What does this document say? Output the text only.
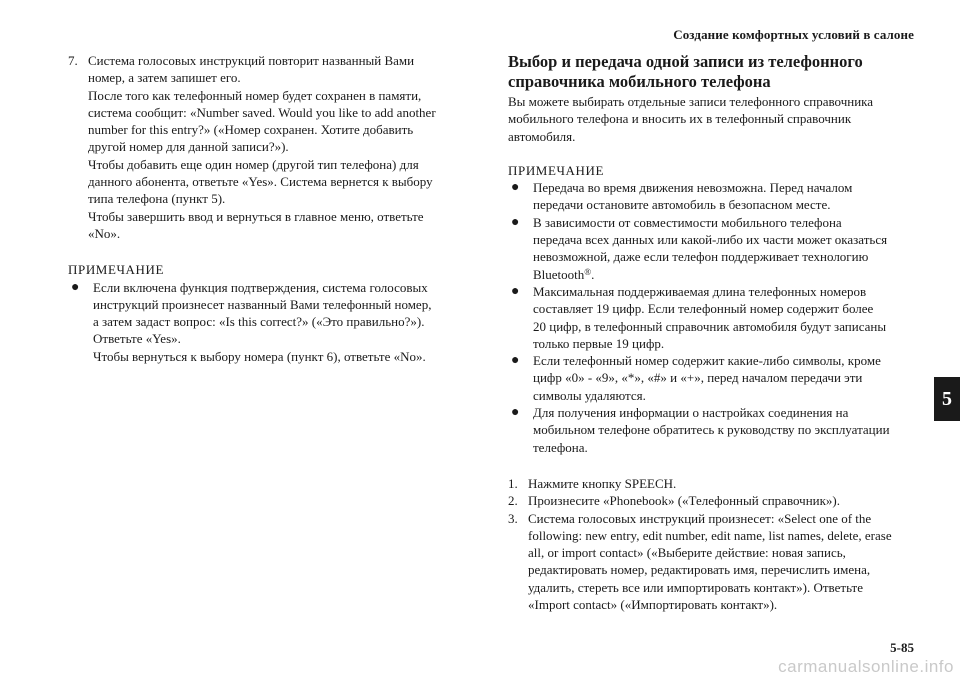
Создание комфортных условий в салоне
7. Система голосовых инструкций повторит названный Вами

номер, а затем запишет его.

После того как телефонный номер будет сохранен в памяти,

система сообщит: «Number saved. Would you like to add another

number for this entry?» («Номер сохранен. Хотите добавить

другой номер для данной записи?»).

Чтобы добавить еще один номер (другой тип телефона) для

данного абонента, ответьте «Yes». Система вернется к выбору

типа телефона (пункт 5).

Чтобы завершить ввод и вернуться в главное меню, ответьте

«No».

ПРИМЕЧАНИЕ
●	Если включена функция подтверждения, система голосовых

инструкций произнесет названный Вами телефонный номер,

а затем задаст вопрос: «Is this correct?» («Это правильно?»).

Ответьте «Yes».

Чтобы вернуться к выбору номера (пункт 6), ответьте «No».

Выбор и передача одной записи из телефонного
справочника мобильного телефона

Вы можете выбирать отдельные записи телефонного справочника

мобильного телефона и вносить их в телефонный справочник

автомобиля.

ПРИМЕЧАНИЕ
●	Передача во время движения невозможна. Перед началом

передачи остановите автомобиль в безопасном месте.

●	В зависимости от совместимости мобильного телефона

передача всех данных или какой-либо их части может оказаться

невозможной, даже если телефон поддерживает технологию

Bluetooth®.

●	Максимальная поддерживаемая длина телефонных номеров

составляет 19 цифр. Если телефонный номер содержит более

20 цифр, в телефонный справочник автомобиля будут записаны

только первые 19 цифр.

●	Если телефонный номер содержит какие-либо символы, кроме

цифр «0» - «9», «*», «#» и «+», перед началом передачи эти

символы удаляются.

●	Для получения информации о настройках соединения на

мобильном телефоне обратитесь к руководству по эксплуатации

телефона.

1. Нажмите кнопку SPEECH.
2. Произнесите «Phonebook» («Телефонный справочник»).
3. Система голосовых инструкций произнесет: «Select one of the

following: new entry, edit number, edit name, list names, delete, erase

all, or import contact» («Выберите действие: новая запись,

редактировать номер, редактировать имя, перечислить имена,

удалить, стереть все или импортировать контакт»). Ответьте

«Import contact» («Импортировать контакт»).

5
5-85
carmanualsonline.info
